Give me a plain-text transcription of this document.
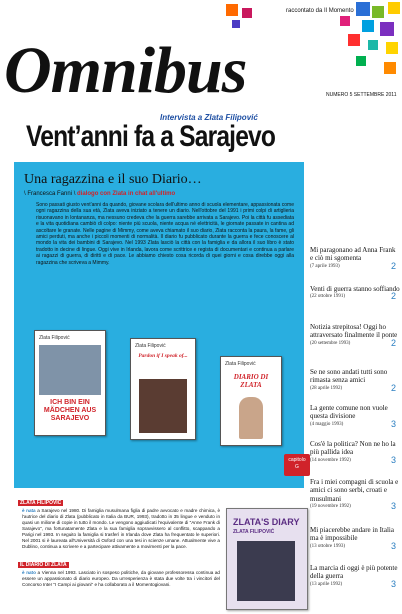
raccontato da Il Momento
Omnibus	NUMERO 5 SETTEMBRE 2011
Intervista a Zlata Filipović
Vent’anni fa a Sarajevo
Una ragazzina e il suo Diario…
\ Francesca Fanni \ dialogo con Zlata in chat all'ultimo
Sono passati giusto vent'anni da quando, giovane scolara dell'ultimo anno di scuola elementare, appassionata come ogni ragazzina della sua età, Zlata aveva iniziato a tenere un diario. Nell'ottobre del 1991 i primi colpi di artiglieria risuonavano in lontananza, ma nessuno credeva che la guerra sarebbe arrivata a Sarajevo. Poi la città fu assediata e la vita quotidiana cambiò di colpo: niente più scuola, niente acqua né elettricità, le giornate passate in cantina ad ascoltare le granate. Nelle pagine di Mimmy, come aveva chiamato il suo diario, Zlata racconta la paura, la fame, gli amici perduti, ma anche i piccoli momenti di normalità. Il diario fu pubblicato durante la guerra e fece conoscere al mondo la vita dei bambini di Sarajevo. Nel 1993 Zlata lasciò la città con la famiglia e da allora il suo libro è stato tradotto in decine di lingue. Oggi vive in Irlanda, lavora come scrittrice e regista di documentari e continua a parlare ai ragazzi di guerra, di diritti e di pace. Le abbiamo chiesto cosa ricorda di quei giorni e cosa direbbe oggi alla ragazzina che scriveva a Mimmy.
Zlata Filipović
ICH BIN EIN MÄDCHEN AUS SARAJEVO
Zlata Filipović
Pardon if I speak of...
Zlata Filipović
DIARIO DI ZLATA
capitolo
G
Mi paragonano ad Anna Frank e ciò mi sgomenta
(7 aprile 1993)	2
Venti di guerra stanno soffiando
(22 ottobre 1991)	2
Notizia strepitosa! Oggi ho attraversato finalmente il ponte
(20 settembre 1993)	2
Se ne sono andati tutti sono rimasta senza amici
(28 aprile 1992)	2
La gente comune non vuole questa divisione
(4 maggio 1993)	3
Cos'è la politica? Non ne ho la più pallida idea
(14 novembre 1992)	3
Fra i miei compagni di scuola e amici ci sono serbi, croati e musulmani
(19 novembre 1992)	3
Mi piacerebbe andare in Italia ma è impossibile
(13 ottobre 1993)	3
La marcia di oggi è più potente della guerra
(13 aprile 1992)	3
ZLATA FILIPOVIĆ
è nata a Sarajevo nel 1980. Di famiglia musulmana figlia di padre avvocato e madre chimica, è l'autrice del diario di Zlata (pubblicato in Italia da BUR, 1993), tradotto in 35 lingue e venduto in quasi un milione di copie in tutto il mondo. Le vengono aggiudicati l'equivalente di "Anne Frank di Sarajevo", ma fortunatamente Zlata e la sua famiglia sopravvissero al conflitto, scappando a Parigi nel 1993. In seguito la famiglia si trasferì in Irlanda dove Zlata ha frequentato le superiori. Nel 2001 si è laureata all'Università di Oxford con una tesi in scienze umane. Attualmente vive a Dublino, continua a scrivere e a partecipare attivamente a movimenti per la pace.
IL DIARIO DI ZLATA
è nato a Vienna nel 1993. Lasciato in sospeso politiche, da giovane professoressa continua ad essere un appassionato di diario europeo. Da un'esperienza è stata due volte tra i vincitori del Concorso Inter "I Campi ai giovani" e ha collaborato a il Momentogiovani.
ZLATA'S DIARY
ZLATA FILIPOVIĆ
